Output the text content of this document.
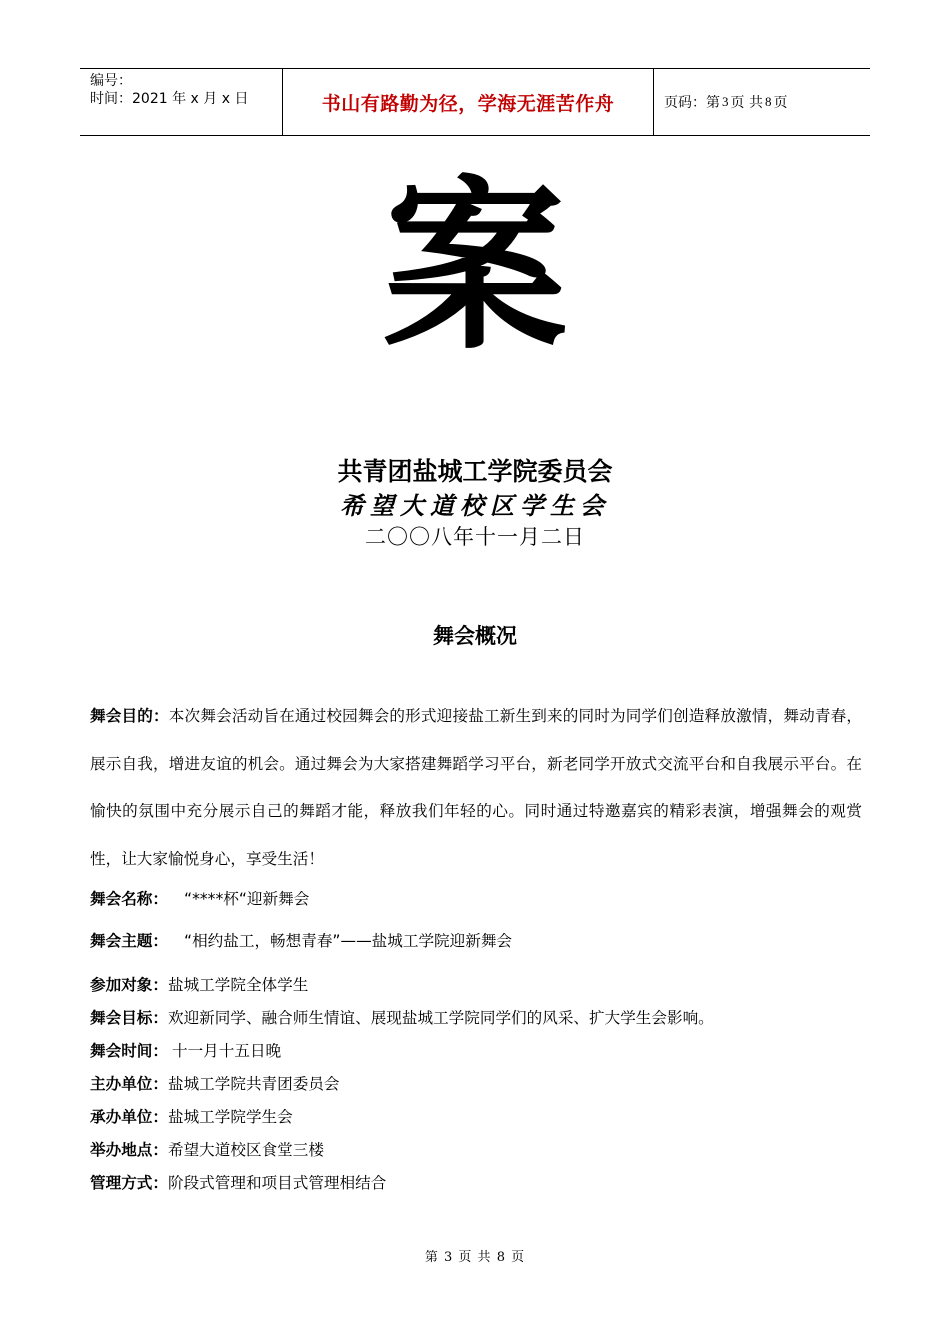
编号：
时间：2021 年 x 月 x 日	书山有路勤为径，学海无涯苦作舟	页码：第 3 页 共 8 页
案
共青团盐城工学院委员会
希望大道校区学生会
二〇〇八年十一月二日
舞会概况

舞会目的：本次舞会活动旨在通过校园舞会的形式迎接盐工新生到来的同时为同学们创造释放激情，舞动青春，展示自我，增进友谊的机会。通过舞会为大家搭建舞蹈学习平台，新老同学开放式交流平台和自我展示平台。在愉快的氛围中充分展示自己的舞蹈才能，释放我们年轻的心。同时通过特邀嘉宾的精彩表演，增强舞会的观赏性，让大家愉悦身心，享受生活！

舞会名称： “****杯“迎新舞会
舞会主题： “相约盐工，畅想青春”——盐城工学院迎新舞会
参加对象：盐城工学院全体学生
舞会目标：欢迎新同学、融合师生情谊、展现盐城工学院同学们的风采、扩大学生会影响。
舞会时间： 十一月十五日晚
主办单位：盐城工学院共青团委员会
承办单位：盐城工学院学生会
举办地点：希望大道校区食堂三楼
管理方式：阶段式管理和项目式管理相结合
第 3 页 共 8 页
